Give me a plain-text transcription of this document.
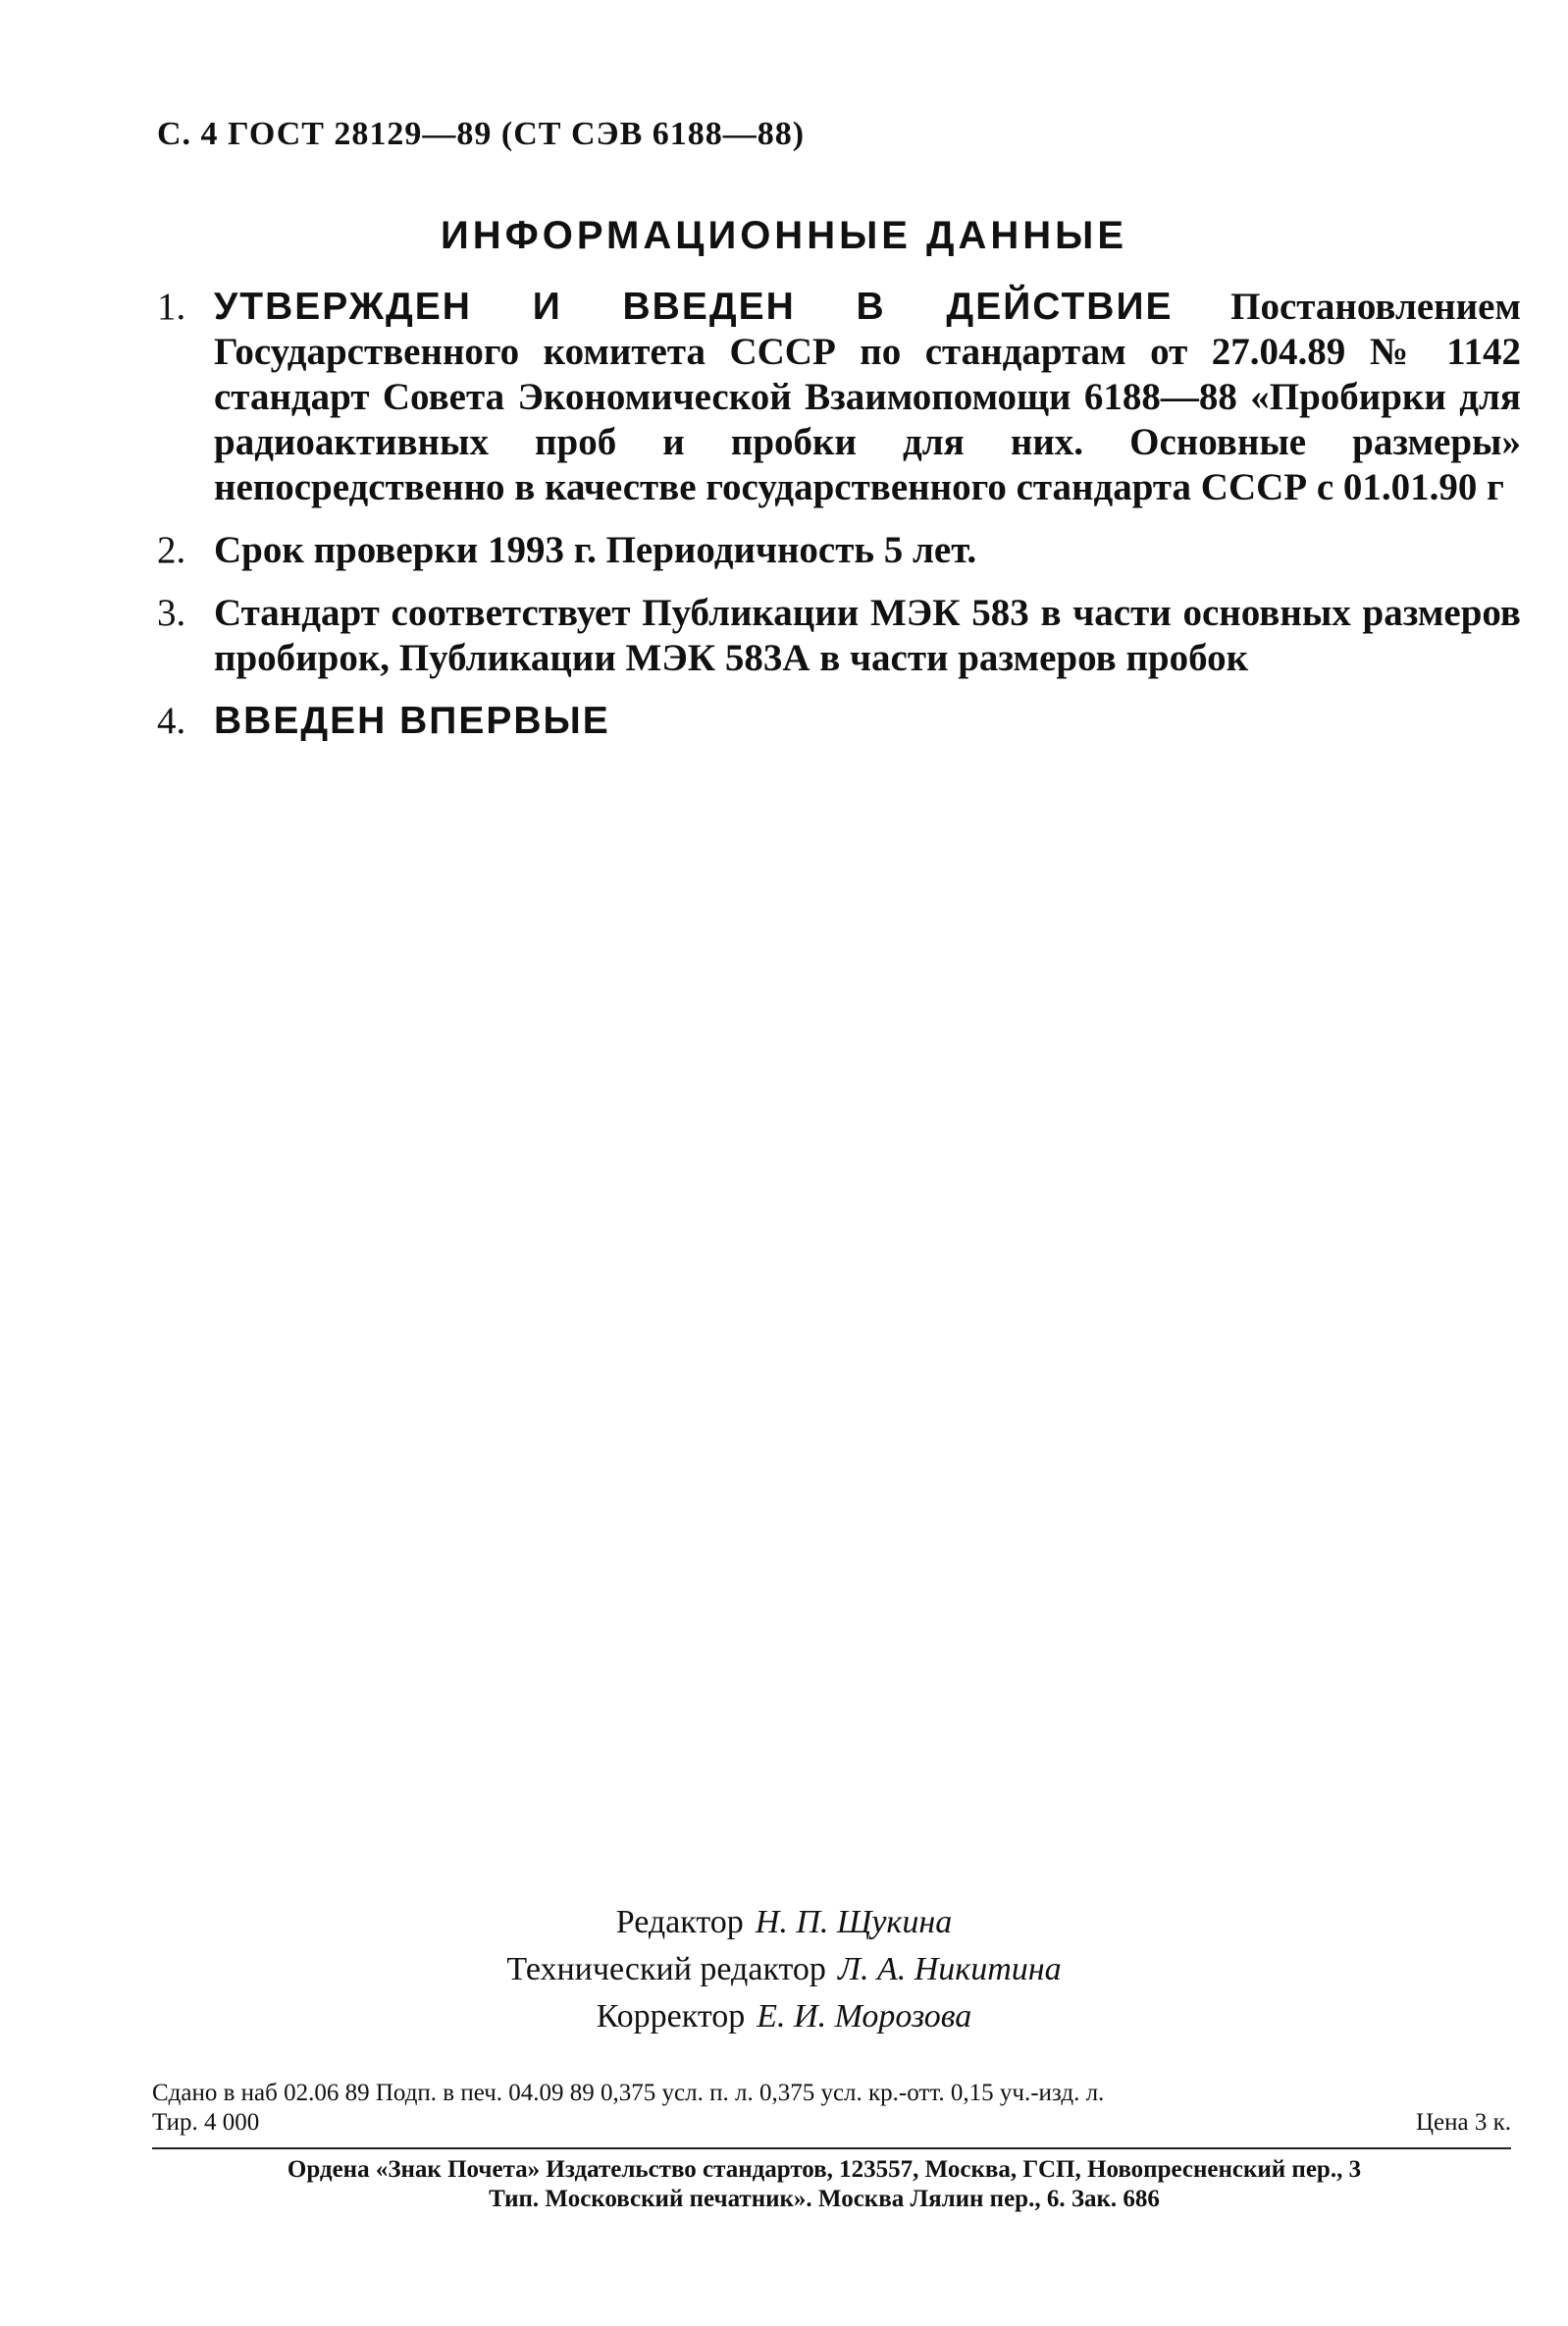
С. 4 ГОСТ 28129—89 (СТ СЭВ 6188—88)
ИНФОРМАЦИОННЫЕ ДАННЫЕ
1. УТВЕРЖДЕН И ВВЕДЕН В ДЕЙСТВИЕ Постановлением Государственного комитета СССР по стандартам от 27.04.89 № 1142 стандарт Совета Экономической Взаимопомощи 6188—88 «Пробирки для радиоактивных проб и пробки для них. Основные размеры» непосредственно в качестве государственного стандарта СССР с 01.01.90 г
2. Срок проверки 1993 г. Периодичность 5 лет.
3. Стандарт соответствует Публикации МЭК 583 в части основных размеров пробирок, Публикации МЭК 583А в части размеров пробок
4. ВВЕДЕН ВПЕРВЫЕ
Редактор Н. П. Щукина
Технический редактор Л. А. Никитина
Корректор Е. И. Морозова
Сдано в наб 02.06 89 Подп. в печ. 04.09 89 0,375 усл. п. л. 0,375 усл. кр.-отт. 0,15 уч.-изд. л.
Тир. 4 000	Цена 3 к.
Ордена «Знак Почета» Издательство стандартов, 123557, Москва, ГСП, Новопресненский пер., 3
Тип. Московский печатник». Москва Лялин пер., 6. Зак. 686
